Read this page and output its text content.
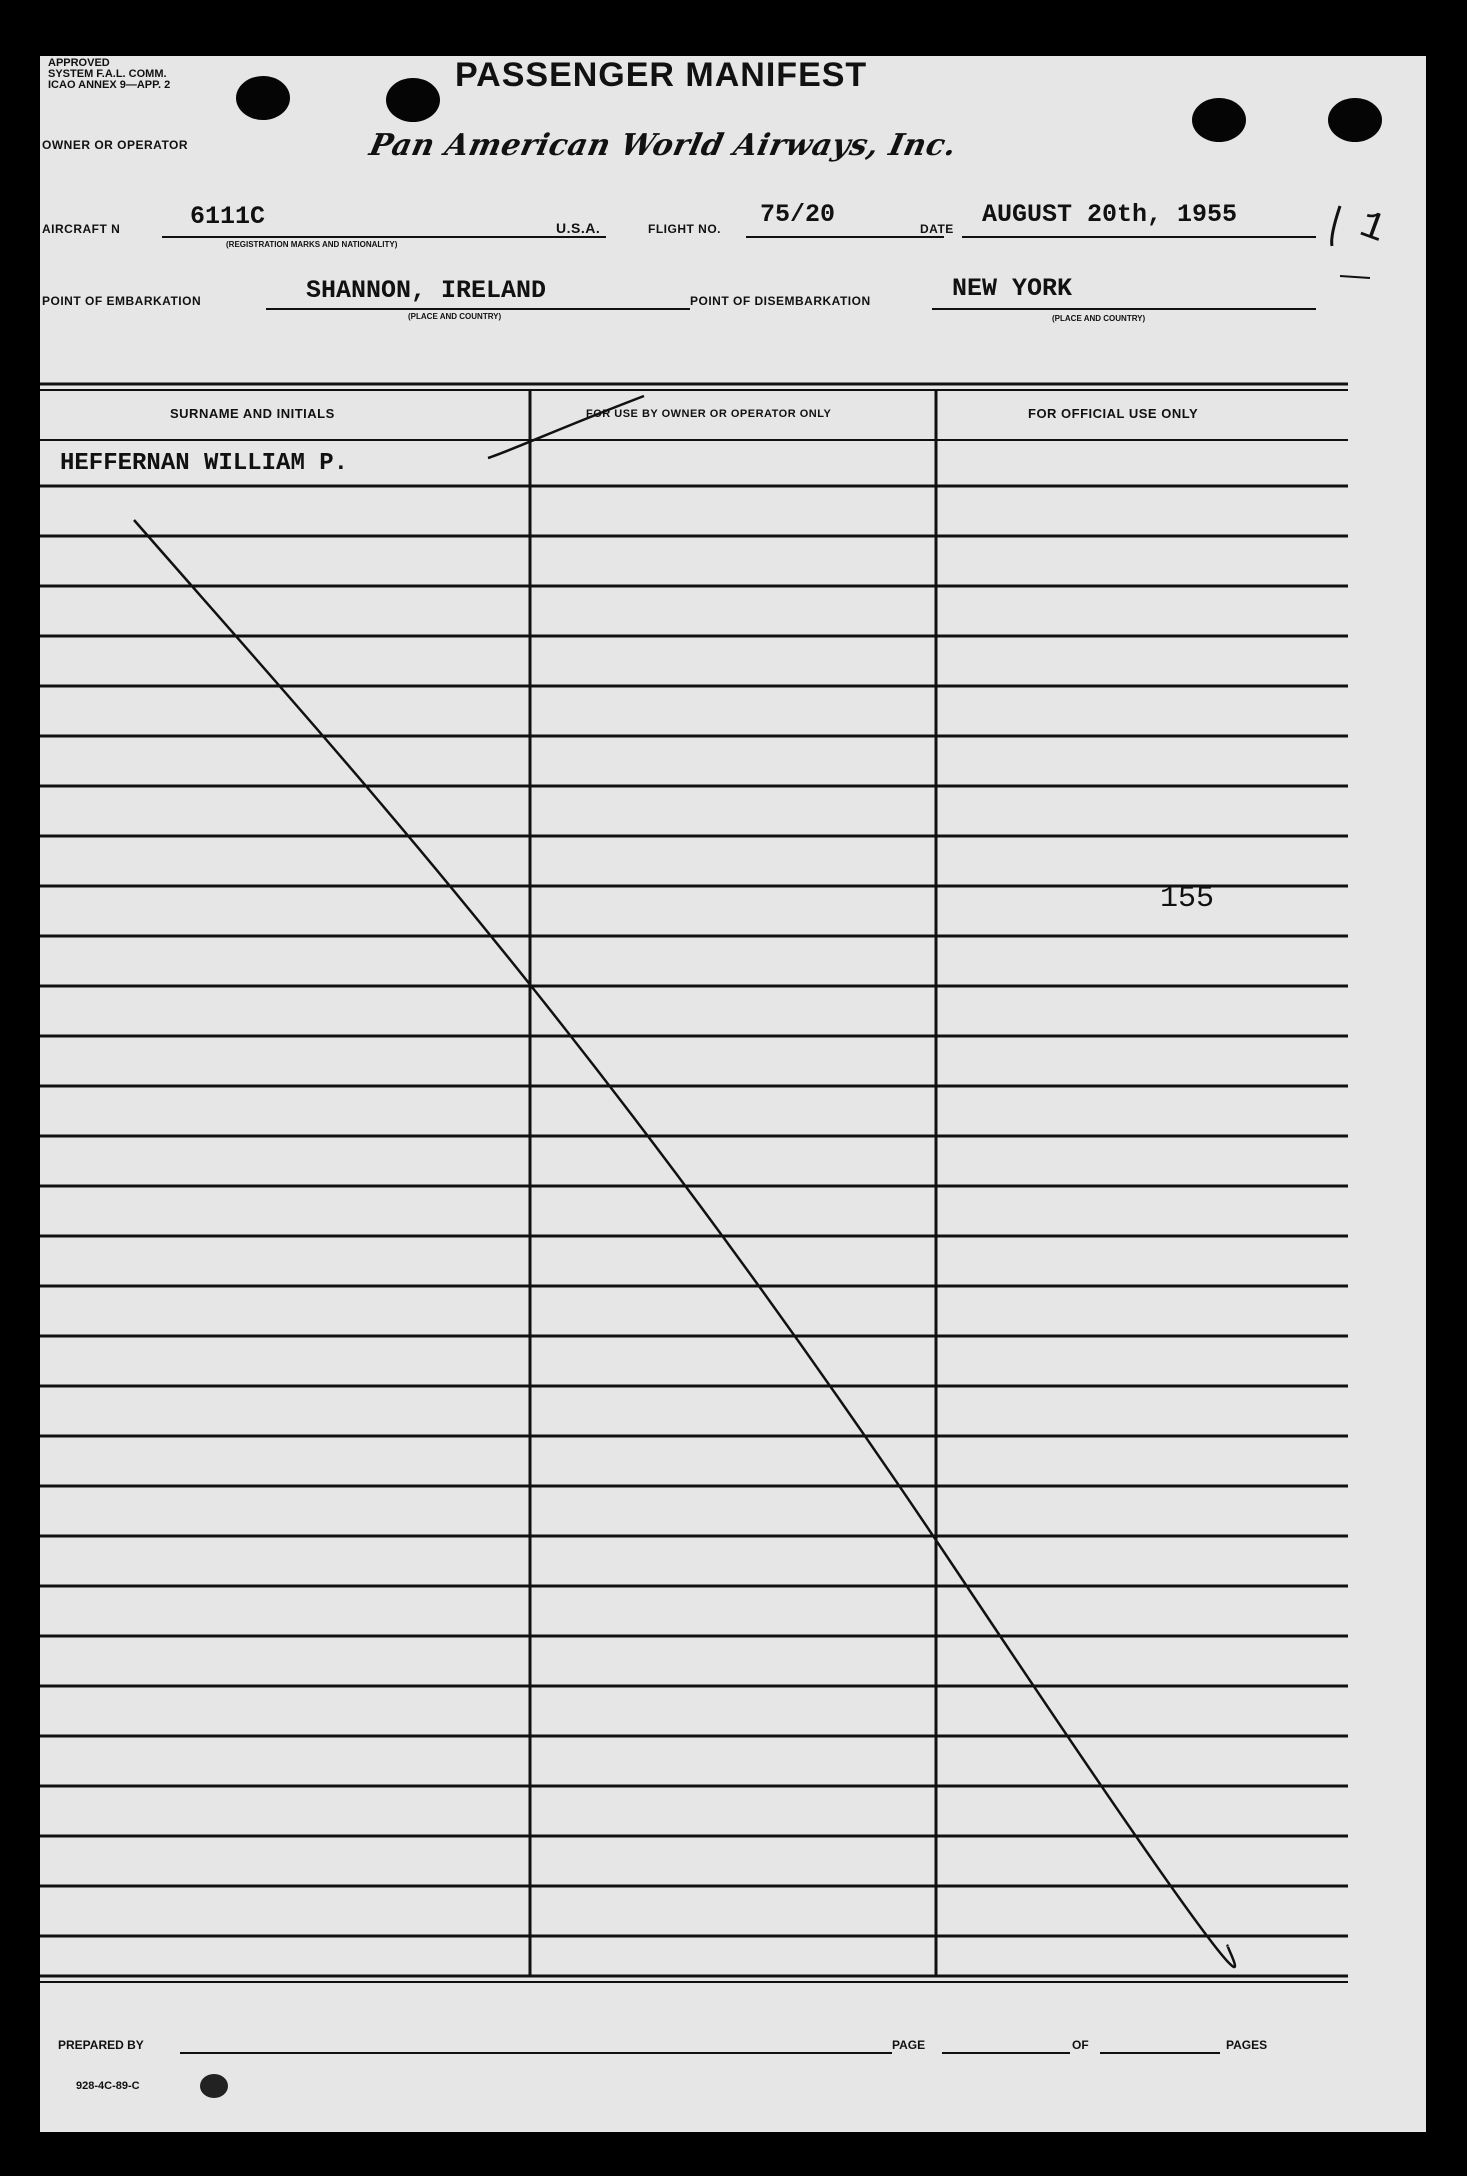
APPROVED
SYSTEM F.A.L. COMM.
ICAO ANNEX 9—APP. 2	PASSENGER MANIFEST
OWNER OR OPERATOR	Pan American World Airways, Inc.
AIRCRAFT N	6111C
(REGISTRATION MARKS AND NATIONALITY)
U.S.A.	FLIGHT NO. 75/20	DATE AUGUST 20th, 1955
POINT OF EMBARKATION	SHANNON, IRELAND
(PLACE AND COUNTRY)
POINT OF DISEMBARKATION	NEW YORK
(PLACE AND COUNTRY)
SURNAME AND INITIALS	FOR USE BY OWNER OR OPERATOR ONLY	FOR OFFICIAL USE ONLY
HEFFERNAN WILLIAM P.
155
PREPARED BY	PAGE	OF	PAGES
928-4C-89-C
1
